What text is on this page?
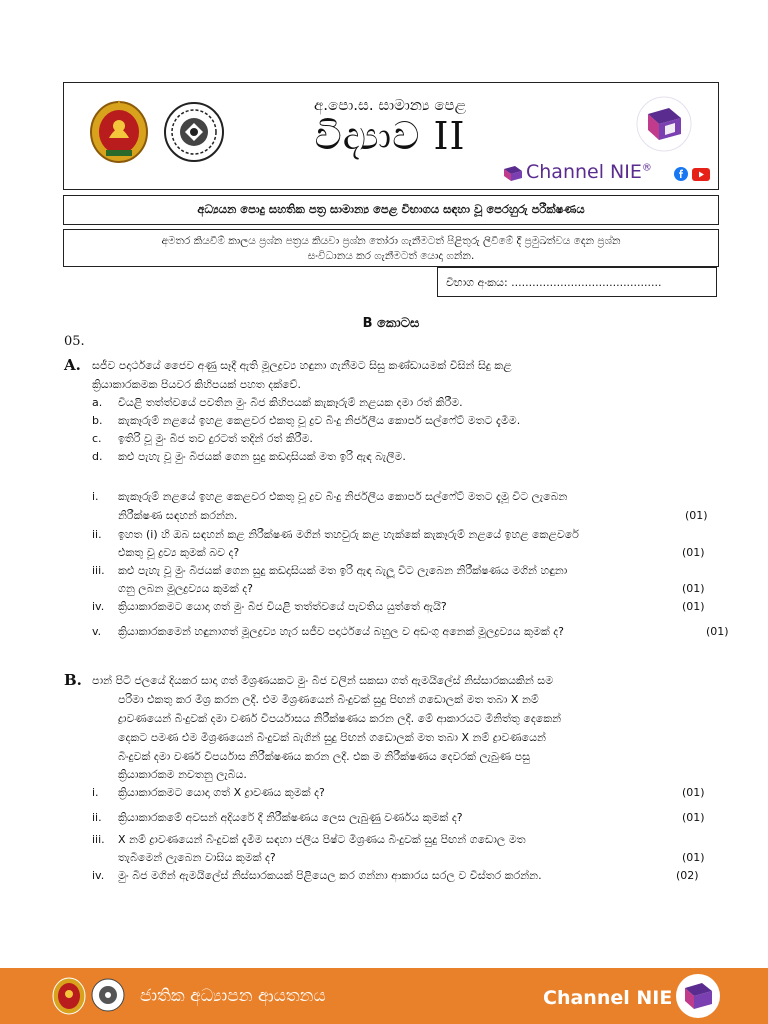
අ.පො.ස. සාමාන්‍ය පෙළ
විද්‍යාව II
Channel NIE®
අධ්‍යයන පොදු සහතික පත්‍ර සාමාන්‍ය පෙළ විභාගය සඳහා වූ පෙරහුරු පරීක්ෂණය
අමතර කියවීම් කාලය ප්‍රශ්න පත්‍රය කියවා ප්‍රශ්න තෝරා ගැනීමටත් පිළිතුරු ලිවීමේ දී ප්‍රමුඛත්වය දෙන ප්‍රශ්න
සංවිධානය කර ගැනීමටත් යොදා ගන්න.
විභාග අංකය: ...........................................
B කොටස
05.
A. සජීව පදාර්ථයේ ජෛව අණු සෑදී ඇති මූලද්‍රව්‍ය හඳුනා ගැනීමට සිසු කණ්ඩායමක් විසින් සිදු කළ
ක්‍රියාකාරකමක පියවර කිහිපයක් පහත දක්වේ.
a. වියළි තත්ත්වයේ පවතින මුං බීජ කිහිපයක් කැකෑරුම් නළයක දමා රත් කිරීම.
b. කැකෑරුම් නළයේ ඉහළ කෙළවර එකතු වූ ද්‍රව බිංදු නිර්ජලීය කොපර් සල්ෆේට් මතට දැමීම.
c. ඉතිරි වූ මුං බීජ තව දුරටත් තදින් රත් කිරීම.
d. කළු පැහැ වූ මුං බීජයක් ගෙන සුදු කඩදාසියක් මත ඉරි ඇඳ බැලීම.
i. කැකෑරුම් නළයේ ඉහළ කෙළවර එකතු වූ ද්‍රව බිංදු නිර්ජලීය කොපර් සල්ෆේට් මතට දැමූ විට ලැබෙන
නිරීක්ෂණ සඳහන් කරන්න.	(01)
ii. ඉහත (i) හි ඔබ සඳහන් කළ නිරීක්ෂණ මගින් තහවුරු කළ හැක්කේ කැකෑරුම් නළයේ ඉහළ කෙළවරේ
එකතු වූ ද්‍රව්‍ය කුමක් බව ද?	(01)
iii. කළු පැහැ වූ මුං බීජයක් ගෙන සුදු කඩදාසියක් මත ඉරි ඇඳ බැලූ විට ලැබෙන නිරීක්ෂණය මගින් හඳුනා
ගනු ලබන මූලද්‍රව්‍යය කුමක් ද?	(01)
iv. ක්‍රියාකාරකමට යොදා ගත් මුං බීජ වියළි තත්ත්වයේ පැවතිය යුත්තේ ඇයි?	(01)
v. ක්‍රියාකාරකමෙන් හඳුනාගත් මූලද්‍රව්‍ය හැර සජීව පදාර්ථයේ බහුල ව අඩංගු අනෙක් මූලද්‍රව්‍යය කුමක් ද?	(01)
B. පාන් පිටි ජලයේ දියකර සාදා ගත් මිශ්‍රණයකට මුං බීජ වලින් සකසා ගත් ඇමයිලේස් නිස්සාරකයකින් සම
පරිමා එකතු කර මිශ්‍ර කරන ලදී. එම මිශ්‍රණයෙන් බිංදුවක් සුදු පිඟන් ගඩොලක් මත තබා X නම්
ද්‍රාවණයෙන් බිංදුවක් දමා වර්ණ විපර්යාසය නිරීක්ෂණය කරන ලදී. මේ ආකාරයට මිනිත්තු දෙකෙන්
දෙකට පමණ එම මිශ්‍රණයෙන් බිංදුවක් බැගින් සුදු පිඟන් ගඩොලක් මත තබා X නම් ද්‍රාවණයෙන්
බිංදුවක් දමා වර්ණ විපර්යාස නිරීක්ෂණය කරන ලදී. එක ම නිරීක්ෂණය දෙවරක් ලැබුණ පසු
ක්‍රියාකාරකම නවතනු ලැබිය.
i. ක්‍රියාකාරකමට යොදා ගත් X ද්‍රාවණය කුමක් ද?	(01)
ii. ක්‍රියාකාරකමේ අවසන් අදියරේ දී නිරීක්ෂණය ලෙස ලැබුණු වර්ණය කුමක් ද?	(01)
iii. X නම් ද්‍රාවණයෙන් බිංදුවක් දැමීම සඳහා ජලීය පිෂ්ට මිශ්‍රණය බිංදුවක් සුදු පිඟන් ගඩොල මත
තැබීමෙන් ලැබෙන වාසිය කුමක් ද?	(01)
iv. මුං බීජ මගින් ඇමයිලේස් නිස්සාරකයක් පිළියෙල කර ගන්නා ආකාරය සරල ව විස්තර කරන්න.	(02)
ජාතික අධ්‍යාපන ආයතනය	Channel NIE
